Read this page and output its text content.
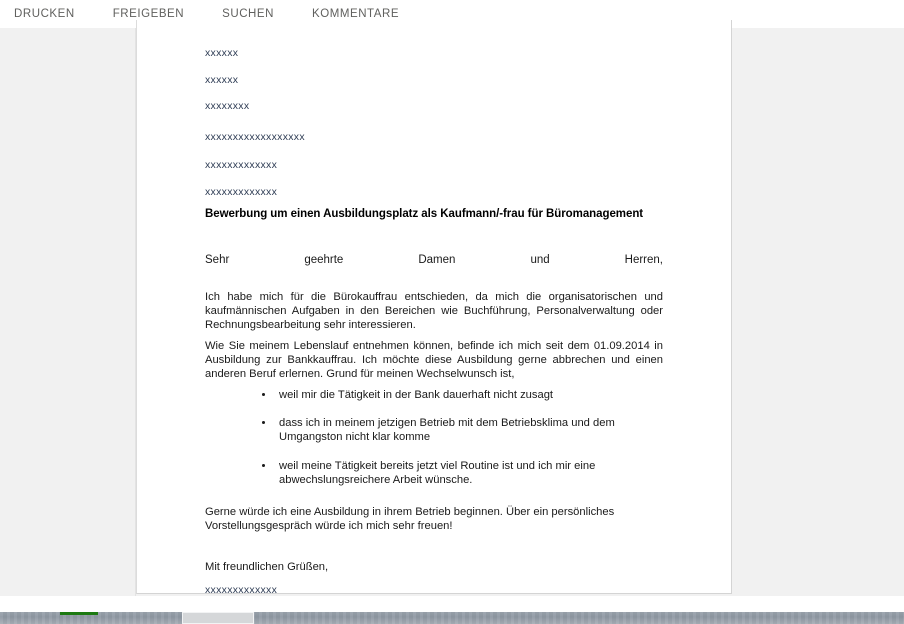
DRUCKEN	FREIGEBEN	SUCHEN	KOMMENTARE
xxxxxx
xxxxxx
xxxxxxxx
xxxxxxxxxxxxxxxxxx
xxxxxxxxxxxxx
xxxxxxxxxxxxx
Bewerbung um einen Ausbildungsplatz als Kaufmann/-frau für Büromanagement
Sehr	geehrte	Damen	und	Herren,
Ich habe mich für die Bürokauffrau entschieden, da mich die organisatorischen und kaufmännischen Aufgaben in den Bereichen wie Buchführung, Personalverwaltung oder Rechnungsbearbeitung sehr interessieren.
Wie Sie meinem Lebenslauf entnehmen können, befinde ich mich seit dem 01.09.2014 in Ausbildung zur Bankkauffrau. Ich möchte diese Ausbildung gerne abbrechen und einen anderen Beruf erlernen. Grund für meinen Wechselwunsch ist,
weil mir die Tätigkeit in der Bank dauerhaft nicht zusagt
dass ich in meinem jetzigen Betrieb mit dem Betriebsklima und dem Umgangston nicht klar komme
weil meine Tätigkeit bereits jetzt viel Routine ist und ich mir eine abwechslungsreichere Arbeit wünsche.
Gerne würde ich eine Ausbildung in ihrem Betrieb beginnen. Über ein persönliches Vorstellungsgespräch würde ich mich sehr freuen!
Mit freundlichen Grüßen,
xxxxxxxxxxxxx
